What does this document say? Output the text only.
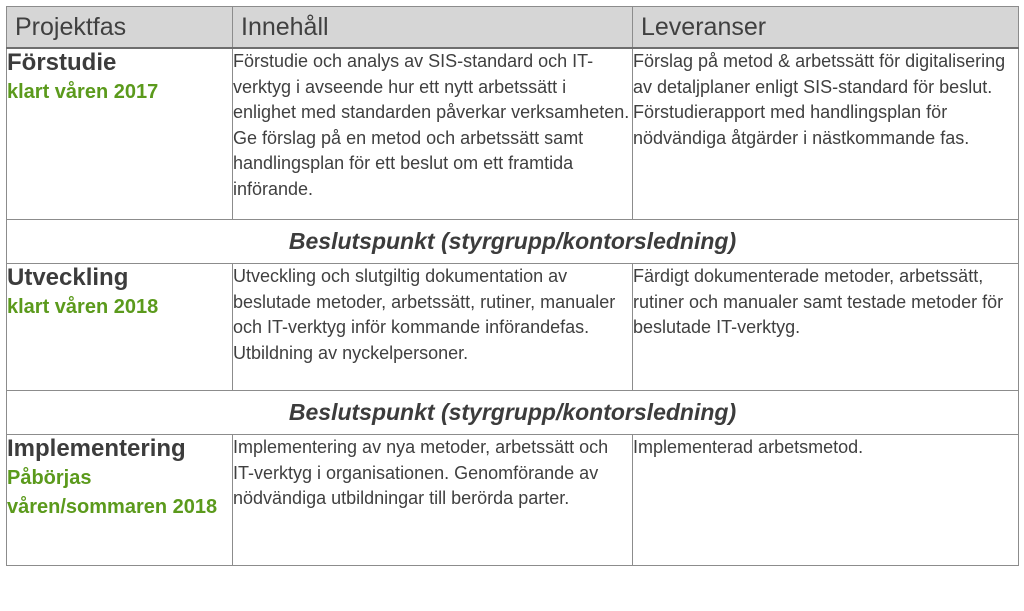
Projektfas	Innehåll	Leveranser

Förstudie
klart våren 2017	Förstudie och analys av SIS-standard och IT-verktyg i avseende hur ett nytt arbetssätt i enlighet med standarden påverkar verksamheten. Ge förslag på en metod och arbetssätt samt handlingsplan för ett beslut om ett framtida införande.	Förslag på metod & arbetssätt för digitalisering av detaljplaner enligt SIS-standard för beslut. Förstudierapport med handlingsplan för nödvändiga åtgärder i nästkommande fas.
Beslutspunkt (styrgrupp/kontorsledning)		

Utveckling
klart våren 2018	Utveckling och slutgiltig dokumentation av beslutade metoder, arbetssätt, rutiner, manualer och IT-verktyg inför kommande införandefas. Utbildning av nyckelpersoner.	Färdigt dokumenterade metoder, arbetssätt, rutiner och manualer samt testade metoder för beslutade IT-verktyg.
Beslutspunkt (styrgrupp/kontorsledning)		

Implementering
Påbörjas våren/sommaren 2018	Implementering av nya metoder, arbetssätt och IT-verktyg i organisationen. Genomförande av nödvändiga utbildningar till berörda parter.	Implementerad arbetsmetod.
